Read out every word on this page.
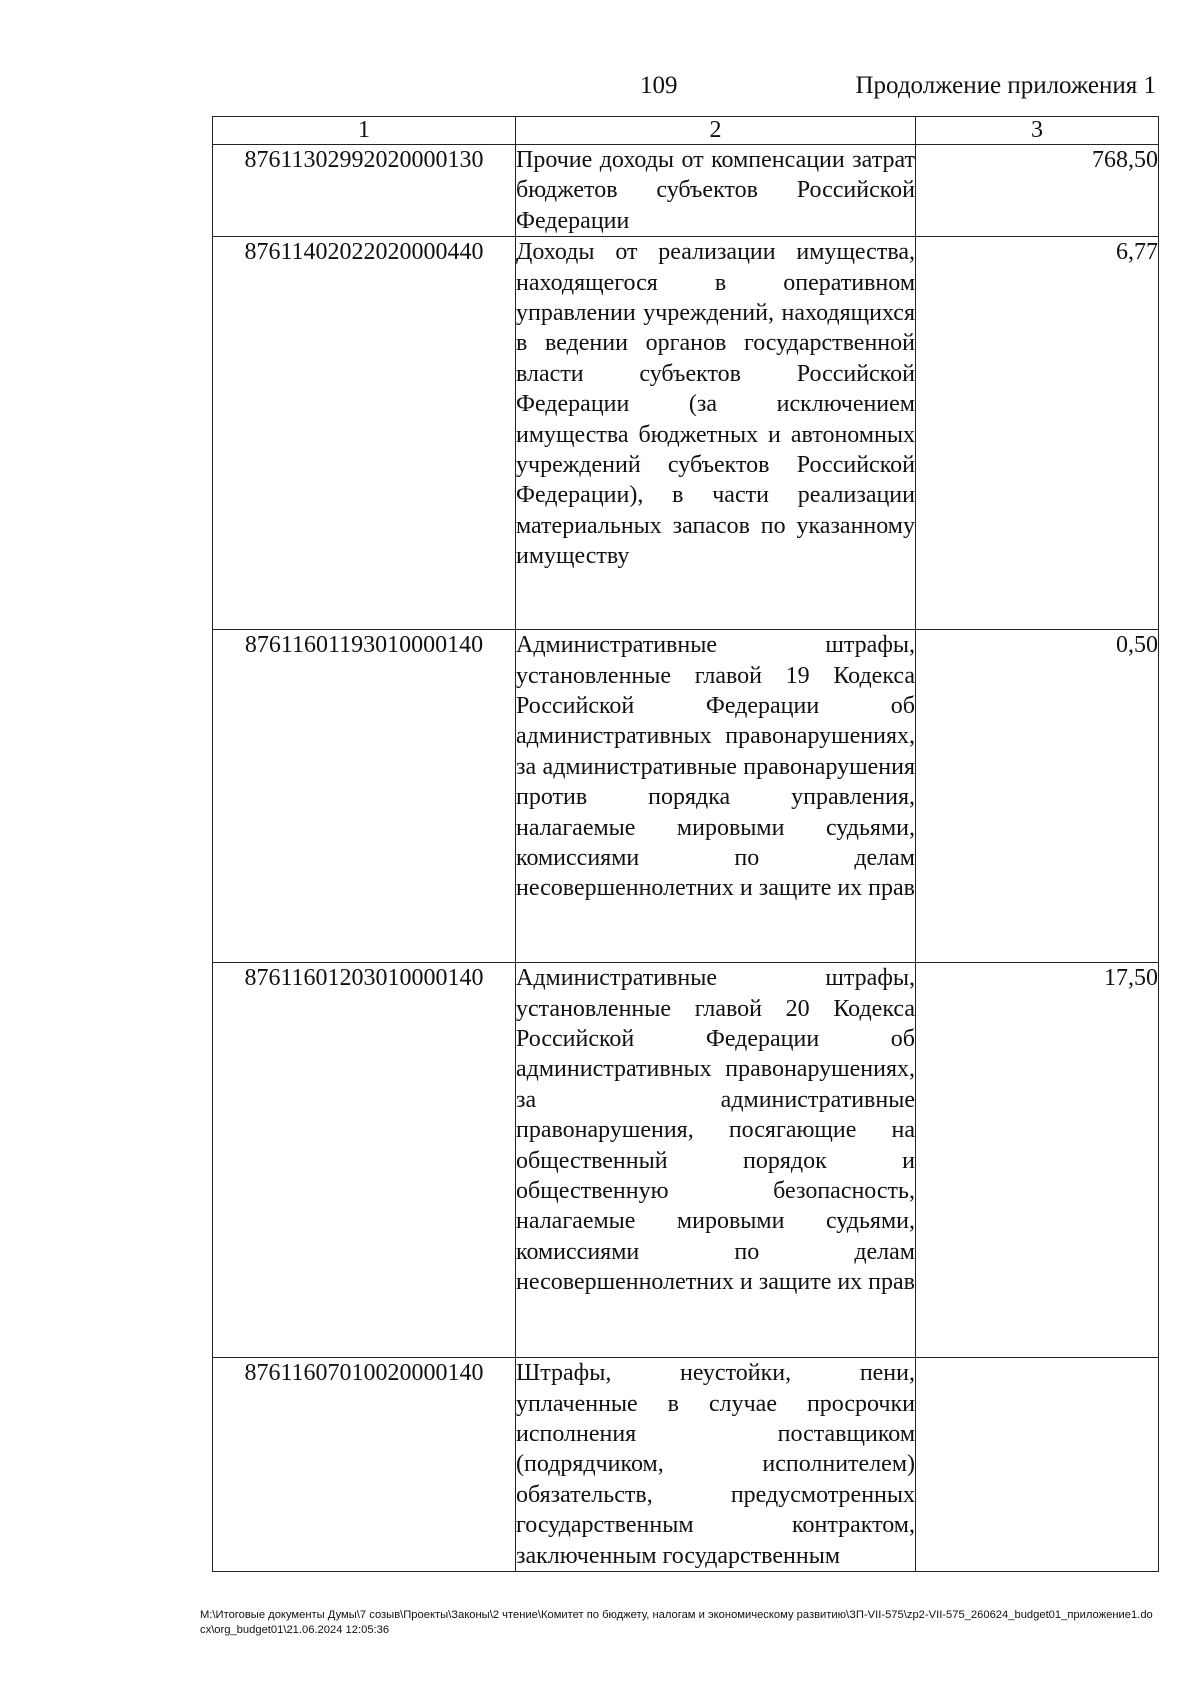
109	Продолжение приложения 1
1	2	3
87611302992020000130	Прочие доходы от компенсации затрат бюджетов субъектов Российской Федерации	768,50
87611402022020000440	Доходы от реализации имущества, находящегося в оперативном управлении учреждений, находящихся в ведении органов государственной власти субъектов Российской Федерации (за исключением имущества бюджетных и автономных учреждений субъектов Российской Федерации), в части реализации материальных запасов по указанному имуществу	6,77
87611601193010000140	Административные штрафы, установленные главой 19 Кодекса Российской Федерации об административных правонарушениях, за административные правонарушения против порядка управления, налагаемые мировыми судьями, комиссиями по делам несовершеннолетних и защите их прав	0,50
87611601203010000140	Административные штрафы, установленные главой 20 Кодекса Российской Федерации об административных правонарушениях, за административные правонарушения, посягающие на общественный порядок и общественную безопасность, налагаемые мировыми судьями, комиссиями по делам несовершеннолетних и защите их прав	17,50
87611607010020000140	Штрафы, неустойки, пени, уплаченные в случае просрочки исполнения поставщиком (подрядчиком, исполнителем) обязательств, предусмотренных государственным контрактом, заключенным государственным	
M:\Итоговые документы Думы\7 созыв\Проекты\Законы\2 чтение\Комитет по бюджету, налогам и экономическому развитию\ЗП-VII-575\zp2-VII-575_260624_budget01_приложение1.docx\org_budget01\21.06.2024 12:05:36
